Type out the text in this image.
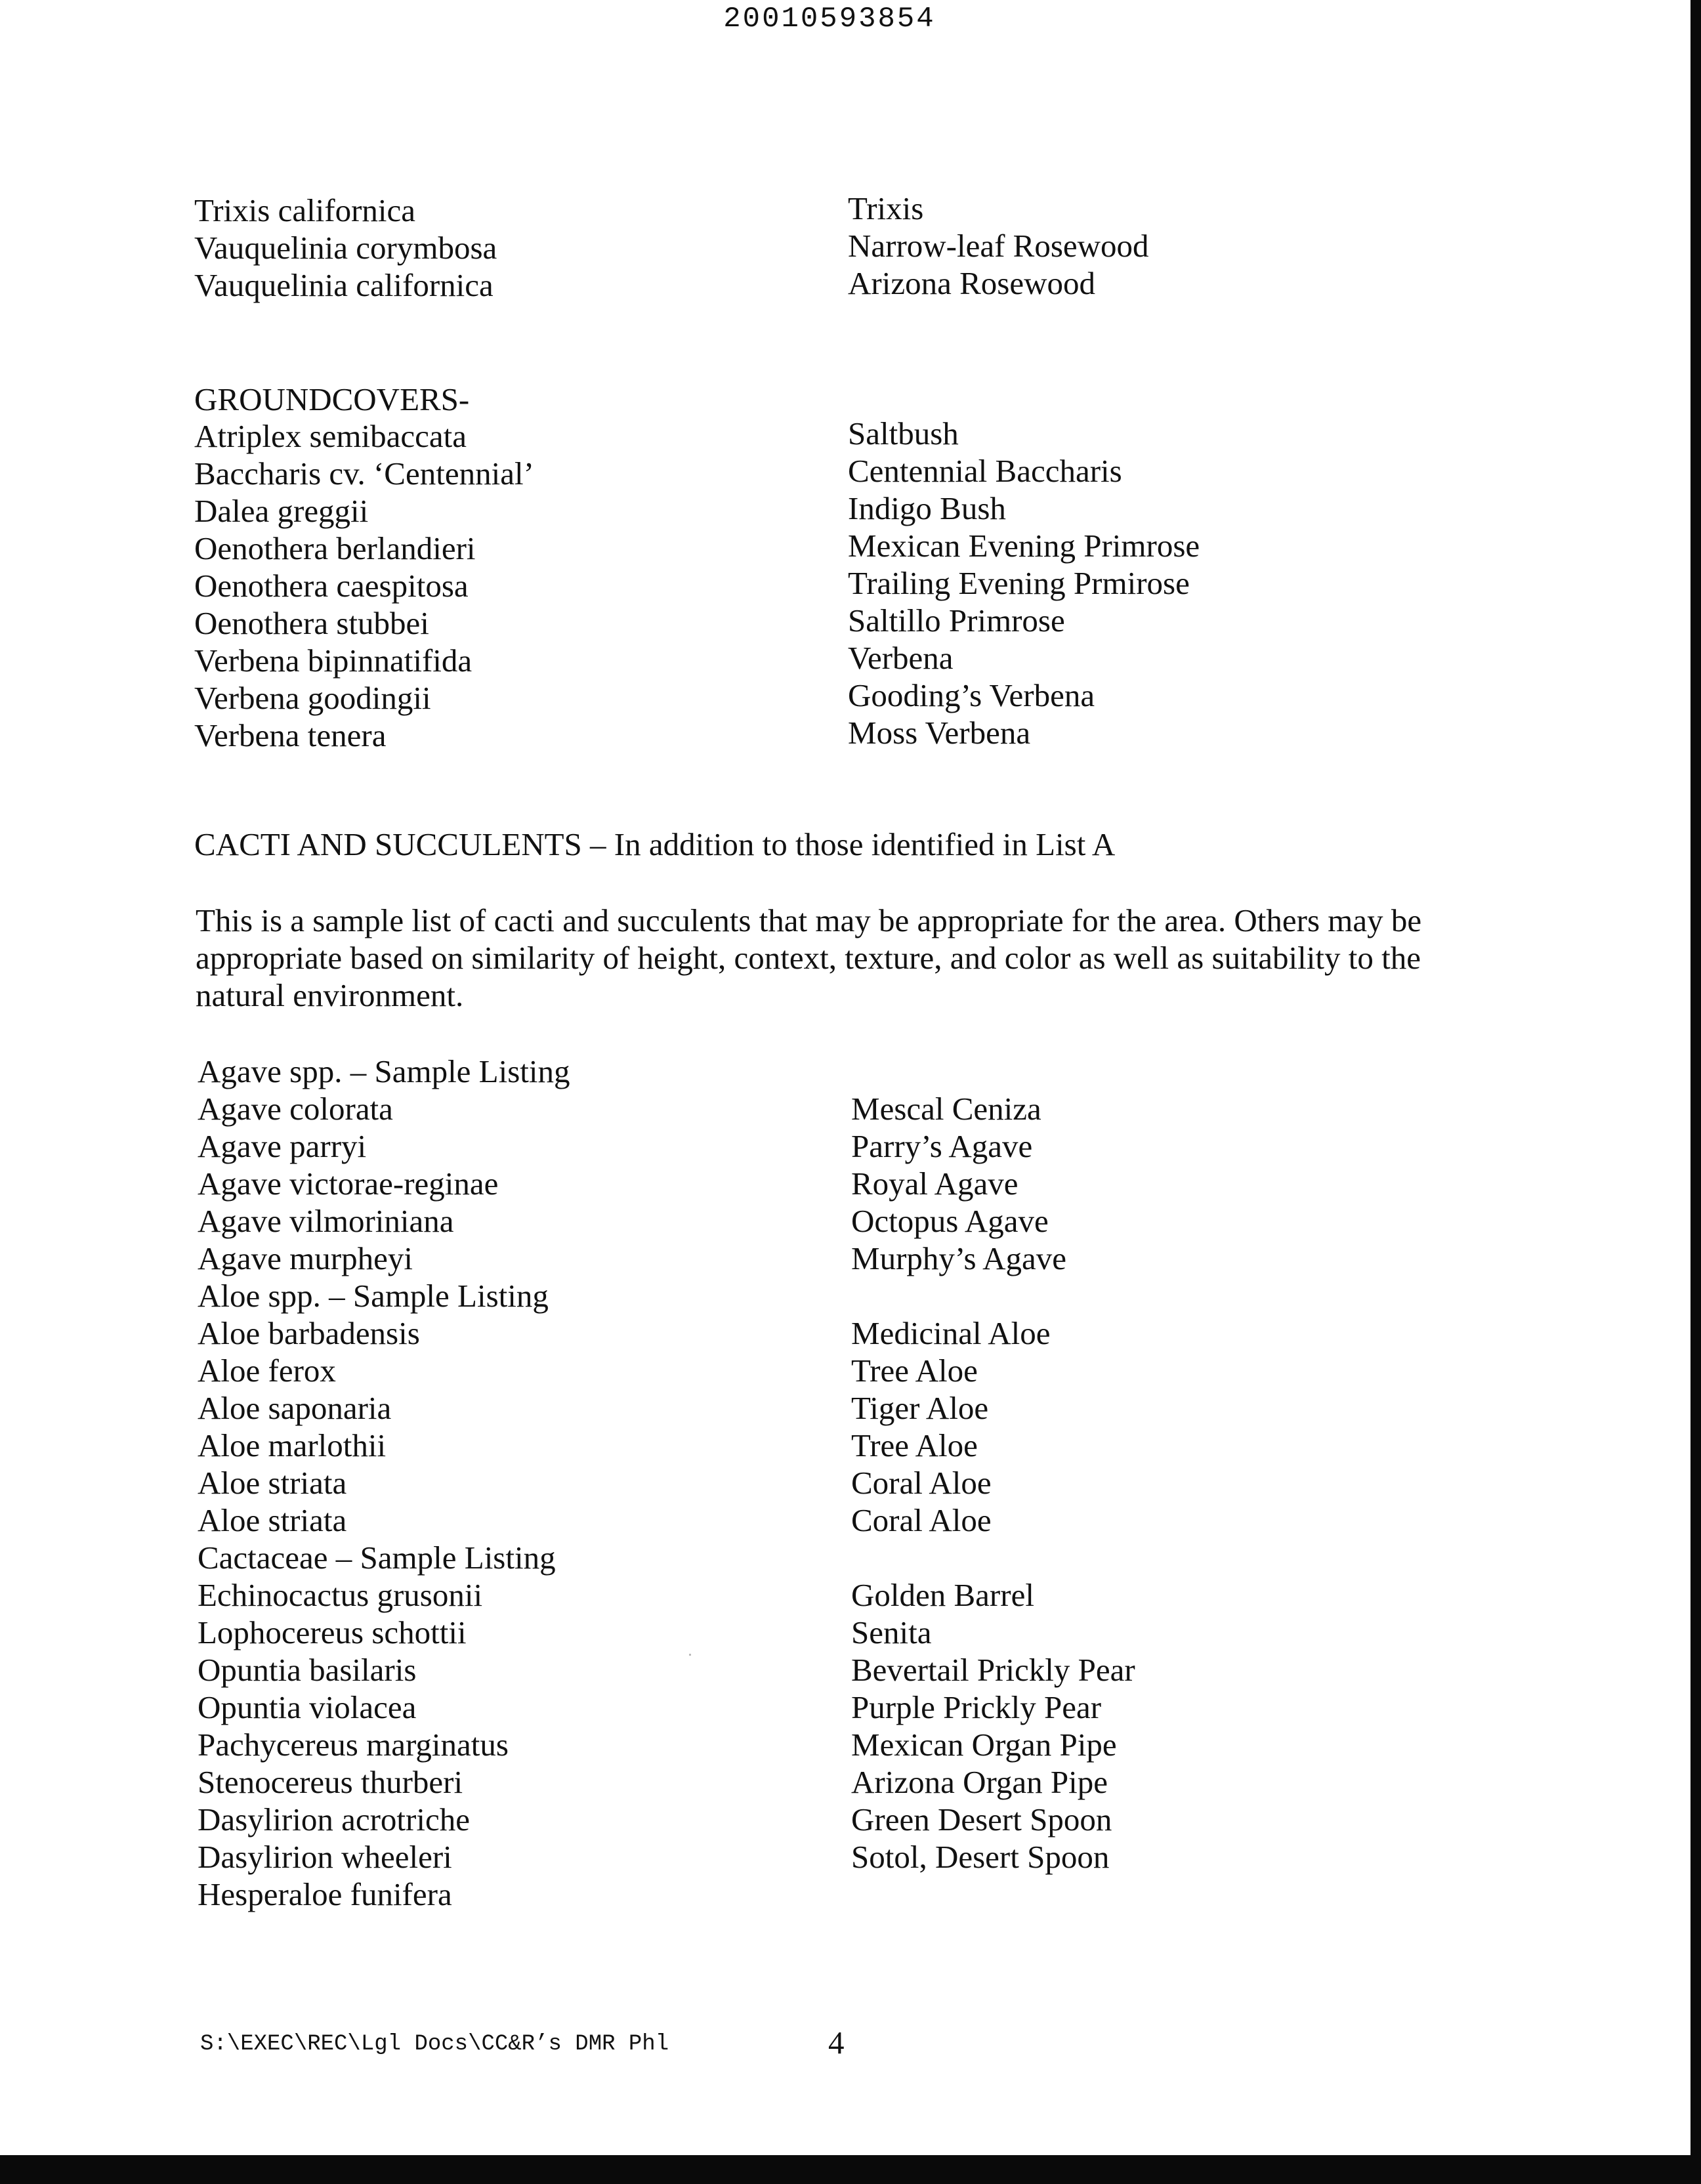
20010593854
Trixis californica	Trixis
Vauquelinia corymbosa	Narrow-leaf Rosewood
Vauquelinia californica	Arizona Rosewood
GROUNDCOVERS-
Atriplex semibaccata	Saltbush
Baccharis cv. ‘Centennial’	Centennial Baccharis
Dalea greggii	Indigo Bush
Oenothera berlandieri	Mexican Evening Primrose
Oenothera caespitosa	Trailing Evening Prmirose
Oenothera stubbei	Saltillo Primrose
Verbena bipinnatifida	Verbena
Verbena goodingii	Gooding’s Verbena
Verbena tenera	Moss Verbena
CACTI AND SUCCULENTS – In addition to those identified in List A
This is a sample list of cacti and succulents that may be appropriate for the area. Others may be
appropriate based on similarity of height, context, texture, and color as well as suitability to the
natural environment.
Agave spp. – Sample Listing
Agave colorata	Mescal Ceniza
Agave parryi	Parry’s Agave
Agave victorae-reginae	Royal Agave
Agave vilmoriniana	Octopus Agave
Agave murpheyi	Murphy’s Agave
Aloe spp. – Sample Listing
Aloe barbadensis	Medicinal Aloe
Aloe ferox	Tree Aloe
Aloe saponaria	Tiger Aloe
Aloe marlothii	Tree Aloe
Aloe striata	Coral Aloe
Aloe striata	Coral Aloe
Cactaceae – Sample Listing
Echinocactus grusonii	Golden Barrel
Lophocereus schottii	Senita
Opuntia basilaris	Bevertail Prickly Pear
Opuntia violacea	Purple Prickly Pear
Pachycereus marginatus	Mexican Organ Pipe
Stenocereus thurberi	Arizona Organ Pipe
Dasylirion acrotriche	Green Desert Spoon
Dasylirion wheeleri	Sotol, Desert Spoon
Hesperaloe funifera
S:\EXEC\REC\Lgl Docs\CC&R’s DMR Phl	4
